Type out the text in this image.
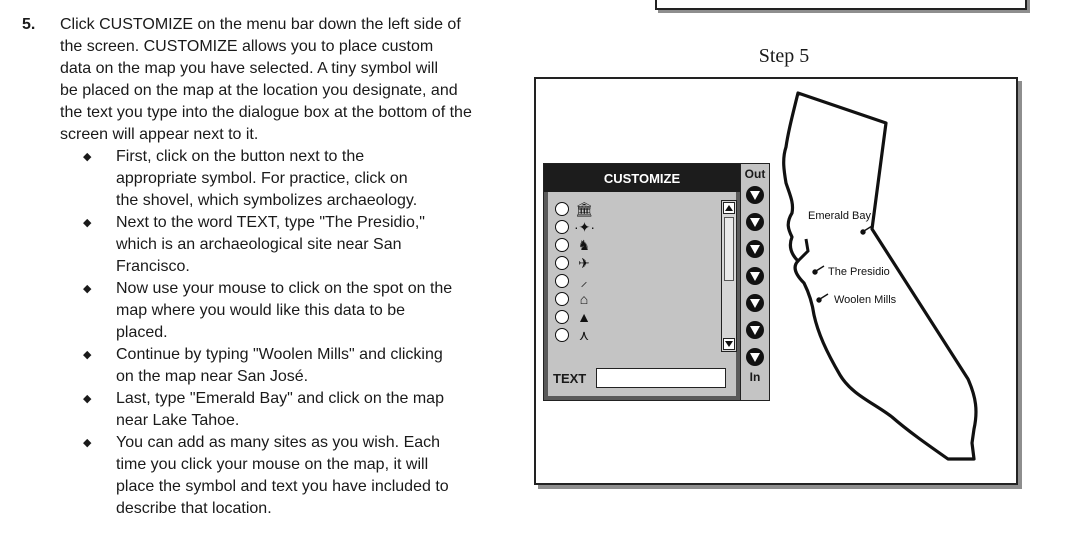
5. Click CUSTOMIZE on the menu bar down the left side of
the screen. CUSTOMIZE allows you to place custom
data on the map you have selected. A tiny symbol will
be placed on the map at the location you designate, and
the text you type into the dialogue box at the bottom of the
screen will appear next to it.

◆ First, click on the button next to the
appropriate symbol. For practice, click on
the shovel, which symbolizes archaeology.
◆ Next to the word TEXT, type "The Presidio,"
which is an archaeological site near San
Francisco.
◆ Now use your mouse to click on the spot on the
map where you would like this data to be
placed.
◆ Continue by typing "Woolen Mills" and clicking
on the map near San José.
◆ Last, type "Emerald Bay" and click on the map
near Lake Tahoe.
◆ You can add as many sites as you wish. Each
time you click your mouse on the map, it will
place the symbol and text you have included to
describe that location.
Step 5
Emerald Bay
The Presidio
Woolen Mills
CUSTOMIZE
🏛
·✦·
♞
✈
⸝
⌂
▲
⋏
TEXT
Out
In
